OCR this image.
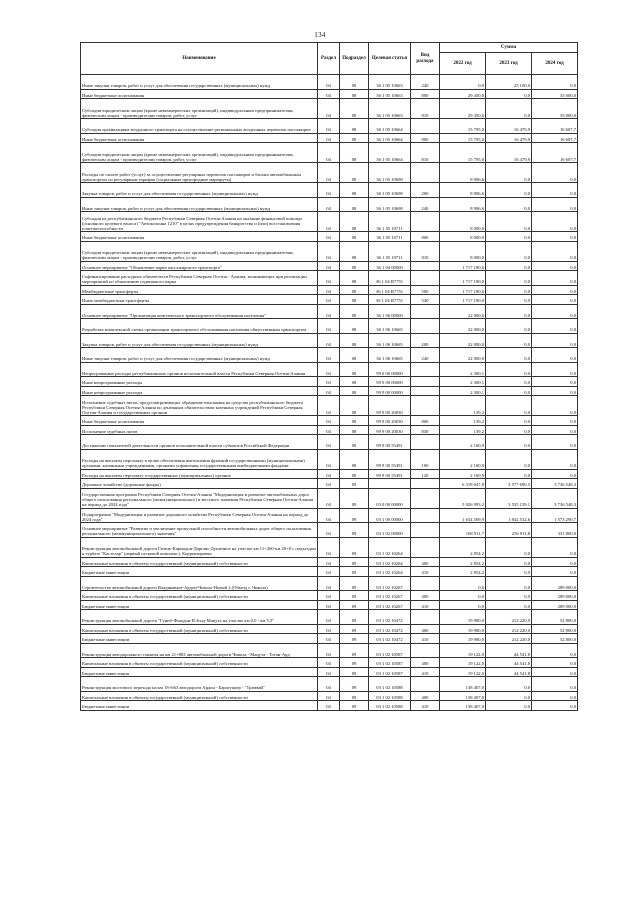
134
Наименование	Раздел	Подраздел	Целевая статья	Вид расхода	Сумма		
					2022 год	2023 год	2024 год
Иные закупки товаров, работ и услуг для обеспечения государственных (муниципальных) нужд	04	08	36 1 05 10663	240	0,0	25 100,0	0,0
Иные бюджетные ассигнования	04	08	36 1 05 10663	800	29 450,0	0,0	35 000,0
Субсидии юридическим лицам (кроме некоммерческих организаций), индивидуальным предпринимателям, физическим лицам - производителям товаров, работ, услуг	04	08	36 1 05 10663	810	29 450,0	0,0	35 000,0
Субсидия организациям воздушного транспорта на осуществление региональных воздушных перевозок пассажиров	04	08	36 1 05 10664		15 795,0	16 479,9	16 607,7
Иные бюджетные ассигнования	04	08	36 1 05 10664	800	15 795,0	16 479,9	16 607,7
Субсидии юридическим лицам (кроме некоммерческих организаций), индивидуальным предпринимателям, физическим лицам - производителям товаров, работ, услуг	04	08	36 1 05 10664	810	15 795,0	16 479,9	16 607,7
Расходы по оплате работ (услуг) за осуществление регулярных перевозок пассажиров и багажа автомобильным транспортом по регулярным тарифам (социальные пригородные маршруты)	04	08	36 1 05 10698		8 906,6	0,0	0,0
Закупка товаров, работ и услуг для обеспечения государственных (муниципальных) нужд	04	08	36 1 05 10698	200	8 906,6	0,0	0,0
Иные закупки товаров, работ и услуг для обеспечения государственных (муниципальных) нужд	04	08	36 1 05 10698	240	8 906,6	0,0	0,0
Субсидия из республиканского бюджета Республики Северная Осетия-Алания на оказание финансовой помощи (основного целевого взноса) "Автоколонна 1210" в целях предупреждения банкротства и (или) восстановления платежеспособности	04	08	36 1 05 10711		8 000,0	0,0	0,0
Иные бюджетные ассигнования	04	08	36 1 05 10711	800	8 000,0	0,0	0,0
Субсидии юридическим лицам (кроме некоммерческих организаций), индивидуальным предпринимателям, физическим лицам - производителям товаров, работ, услуг	04	08	36 1 05 10711	810	8 000,0	0,0	0,0
Основное мероприятие "Обновление парка пассажирского транспорта"	04	08	36 1 04 00000		1 717 180,0	0,0	0,0
Софинансирование расходных обязательств Республики Северная Осетия - Алания, возникающих при реализации мероприятий по обновлению подвижного парка	04	08	36 1 04 R7751		1 717 180,0	0,0	0,0
Межбюджетные трансферты	04	08	36 1 04 R7751	500	1 717 180,0	0,0	0,0
Иные межбюджетные трансферты	04	08	36 1 04 R7751	540	1 717 180,0	0,0	0,0
Основное мероприятие "Организация комплексного транспортного обслуживания населения"	04	08	36 1 06 00000		22 000,0	0,0	0,0
Разработка комплексной схемы организации транспортного обслуживания населения общественным транспортом	04	08	36 1 06 10665		22 000,0	0,0	0,0
Закупка товаров, работ и услуг для обеспечения государственных (муниципальных) нужд	04	08	36 1 06 10665	200	22 000,0	0,0	0,0
Иные закупки товаров, работ и услуг для обеспечения государственных (муниципальных) нужд	04	08	36 1 06 10665	240	22 000,0	0,0	0,0
Непрограммные расходы республиканских органов исполнительной власти Республики Северная Осетия-Алания	04	08	99 0 00 00000		2 300,1	0,0	0,0
Иные непрограммные расходы	04	08	99 9 00 00000		2 300,1	0,0	0,0
Иные непрограммные расходы	04	08	99 9 00 00000		2 300,1	0,0	0,0
Исполнение судебных актов, предусматривающих обращение взыскания на средства республиканского бюджета Республики Северная Осетия-Алания по денежным обязательствам казенных учреждений Республики Северная Осетия-Алания и государственных органов	04	08	99 9 00 20030		139,2	0,0	0,0
Иные бюджетные ассигнования	04	08	99 9 00 20030	800	139,2	0,0	0,0
Исполнение судебных актов	04	08	99 9 00 20030	830	139,2	0,0	0,0
Достижение показателей деятельности органов исполнительной власти субъектов Российской Федерации	04	08	99 9 00 55491		2 160,9	0,0	0,0
Расходы на выплаты персоналу в целях обеспечения выполнения функций государственными (муниципальными) органами, казенными учреждениями, органами управления государственными внебюджетными фондами	04	08	99 9 00 55491	100	2 160,9	0,0	0,0
Расходы на выплаты персоналу государственных (муниципальных) органов	04	08	99 9 00 55491	120	2 160,9	0,0	0,0
Дорожное хозяйство (дорожные фонды)	04	09			6 318 647,8	3 577 690,5	3 736 548,3
Государственная программа Республики Северная Осетия-Алания "Модернизация и развитие автомобильных дорог общего пользования регионального (межмуниципального) и местного значения Республики Северная Осетия-Алания на период до 2024 года"	04	09	03 0 00 00000		5 926 993,2	3 535 159,1	3 736 548,3
Подпрограмма "Модернизация и развитие дорожного хозяйства Республики Северная Осетия-Алания на период до 2024 года"	04	09	03 1 00 00000		1 634 509,9	1 842 532,6	1 573 290,7
Основное мероприятие "Развитие и увеличение пропускной способности автомобильных дорог общего пользования регионального (межмуниципального) значения"	04	09	03 1 02 00000		168 911,7	256 911,8	331 800,0
Реконструкция автомобильной дороги Гизель-Кармадон-Даргавс-Душечное на участке км 11+260-км 20+0 с подъездом к турбазе "Кастелар" (первый пусковой комплекс). Корректировка	04	09	03 1 02 10264		2 854,2	0,0	0,0
Капитальные вложения в объекты государственной (муниципальной) собственности	04	09	03 1 02 10264	400	2 854,2	0,0	0,0
Бюджетные инвестиции	04	09	03 1 02 10264	410	2 854,2	0,0	0,0
Строительство автомобильной дороги Владикавказ-Ардон-Чикола-Новый 2 (Объезд г. Чикола)	04	09	03 1 02 10267		0,0	0,0	289 000,0
Капитальные вложения в объекты государственной (муниципальной) собственности	04	09	03 1 02 10267	400	0,0	0,0	289 000,0
Бюджетные инвестиции	04	09	03 1 02 10267	410	0,0	0,0	289 000,0
Реконструкция автомобильной дороги "Гуниб-Фиагдон-В.Згид-Мацута на участке км 0,0 - км 5,5"	04	09	03 1 02 10472		19 980,0	212 220,0	52 800,0
Капитальные вложения в объекты государственной (муниципальной) собственности	04	09	03 1 02 10472	400	19 980,0	212 220,0	52 800,0
Бюджетные инвестиции	04	09	03 1 02 10472	410	19 980,0	212 220,0	52 800,0
Реконструкция автодорожного тоннеля на км 21+883 автомобильной дороги Чикола - Мацута - Тотан-Ард	04	09	03 1 02 10587		19 122,0	44 541,8	0,0
Капитальные вложения в объекты государственной (муниципальной) собственности	04	09	03 1 02 10587	400	19 122,0	44 541,8	0,0
Бюджетные инвестиции	04	09	03 1 02 10587	410	19 122,0	44 541,8	0,0
Реконструкция мостового перехода на км 18+663 автодороги Ардон - Барагуцкер - "Трамвай"	04	09	03 1 02 10588		138 407,0	0,0	0,0
Капитальные вложения в объекты государственной (муниципальной) собственности	04	09	03 1 02 10588	400	138 407,0	0,0	0,0
Бюджетные инвестиции	04	09	03 1 02 10588	410	138 407,0	0,0	0,0
